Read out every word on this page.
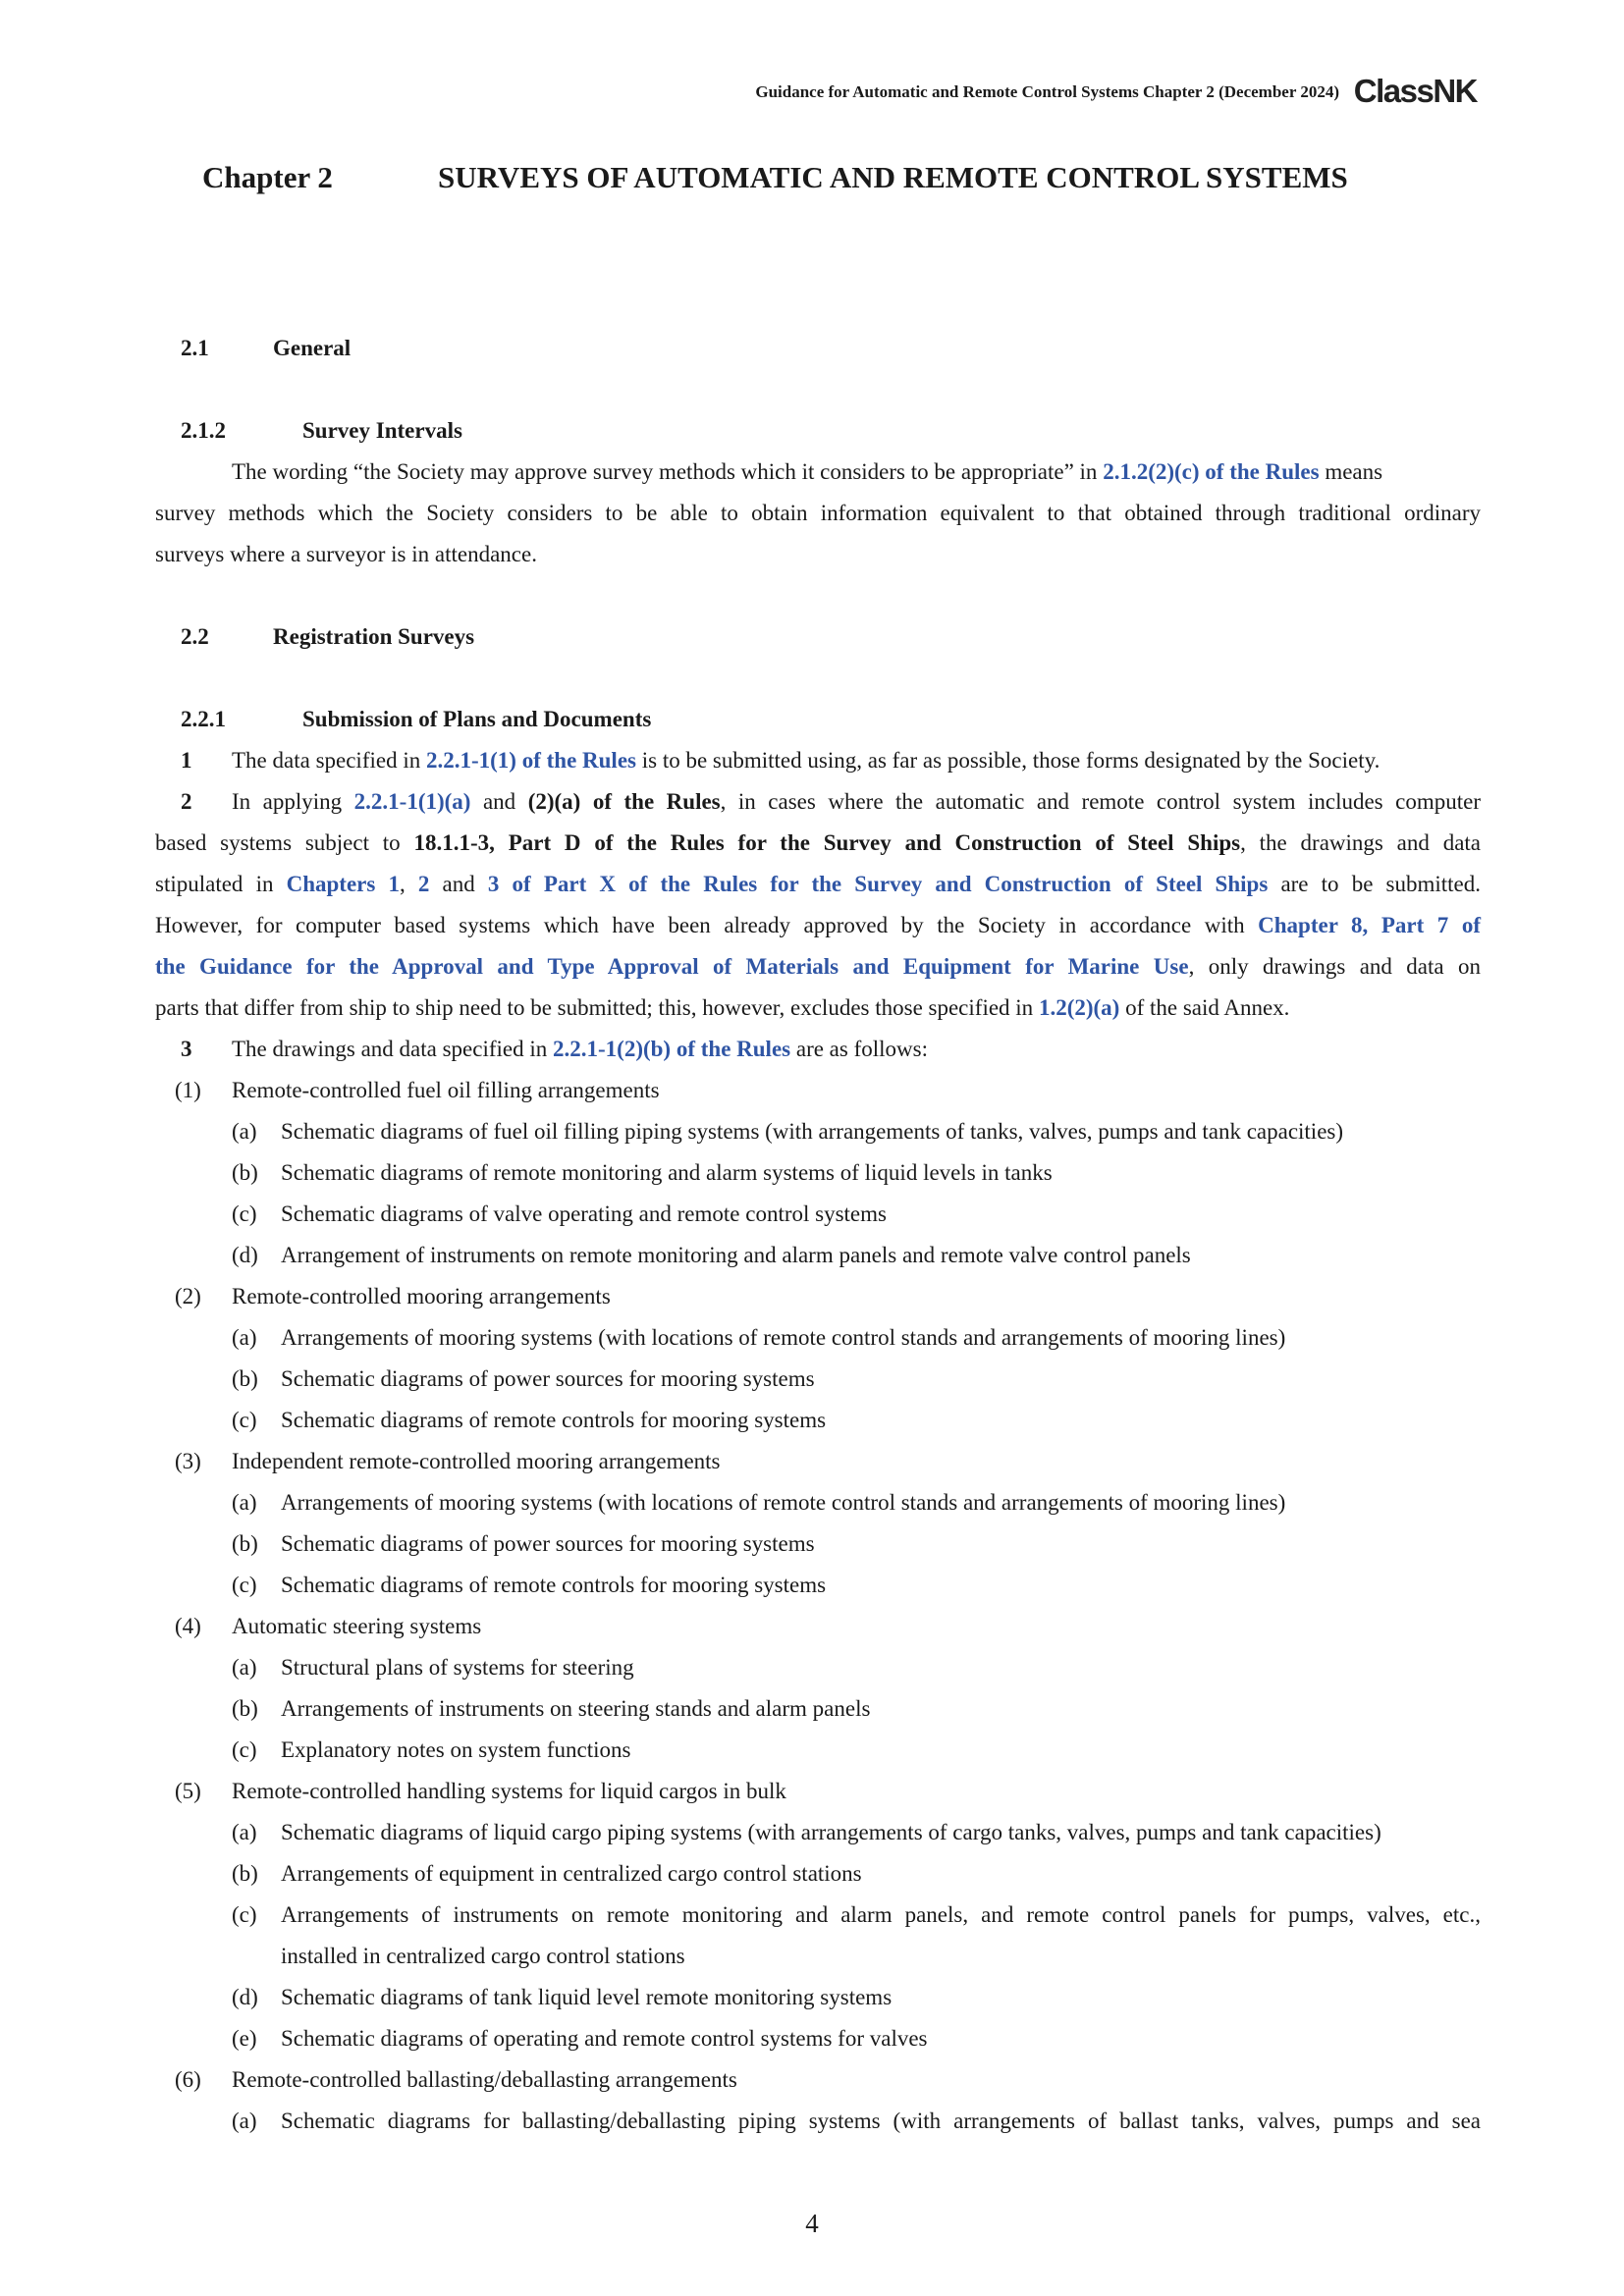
Guidance for Automatic and Remote Control Systems Chapter 2 (December 2024) ClassNK
Chapter 2	SURVEYS OF AUTOMATIC AND REMOTE CONTROL SYSTEMS
2.1	General
2.1.2	Survey Intervals
The wording “the Society may approve survey methods which it considers to be appropriate” in 2.1.2(2)(c) of the Rules means
survey methods which the Society considers to be able to obtain information equivalent to that obtained through traditional ordinary
surveys where a surveyor is in attendance.
2.2	Registration Surveys
2.2.1	Submission of Plans and Documents
1 The data specified in 2.2.1-1(1) of the Rules is to be submitted using, as far as possible, those forms designated by the Society.
2 In applying 2.2.1-1(1)(a) and (2)(a) of the Rules, in cases where the automatic and remote control system includes computer
based systems subject to 18.1.1-3, Part D of the Rules for the Survey and Construction of Steel Ships, the drawings and data
stipulated in Chapters 1, 2 and 3 of Part X of the Rules for the Survey and Construction of Steel Ships are to be submitted.
However, for computer based systems which have been already approved by the Society in accordance with Chapter 8, Part 7 of
the Guidance for the Approval and Type Approval of Materials and Equipment for Marine Use, only drawings and data on
parts that differ from ship to ship need to be submitted; this, however, excludes those specified in 1.2(2)(a) of the said Annex.
3 The drawings and data specified in 2.2.1-1(2)(b) of the Rules are as follows:
(1) Remote-controlled fuel oil filling arrangements
(a) Schematic diagrams of fuel oil filling piping systems (with arrangements of tanks, valves, pumps and tank capacities)
(b) Schematic diagrams of remote monitoring and alarm systems of liquid levels in tanks
(c) Schematic diagrams of valve operating and remote control systems
(d) Arrangement of instruments on remote monitoring and alarm panels and remote valve control panels
(2) Remote-controlled mooring arrangements
(a) Arrangements of mooring systems (with locations of remote control stands and arrangements of mooring lines)
(b) Schematic diagrams of power sources for mooring systems
(c) Schematic diagrams of remote controls for mooring systems
(3) Independent remote-controlled mooring arrangements
(a) Arrangements of mooring systems (with locations of remote control stands and arrangements of mooring lines)
(b) Schematic diagrams of power sources for mooring systems
(c) Schematic diagrams of remote controls for mooring systems
(4) Automatic steering systems
(a) Structural plans of systems for steering
(b) Arrangements of instruments on steering stands and alarm panels
(c) Explanatory notes on system functions
(5) Remote-controlled handling systems for liquid cargos in bulk
(a) Schematic diagrams of liquid cargo piping systems (with arrangements of cargo tanks, valves, pumps and tank capacities)
(b) Arrangements of equipment in centralized cargo control stations
(c) Arrangements of instruments on remote monitoring and alarm panels, and remote control panels for pumps, valves, etc.,
installed in centralized cargo control stations
(d) Schematic diagrams of tank liquid level remote monitoring systems
(e) Schematic diagrams of operating and remote control systems for valves
(6) Remote-controlled ballasting/deballasting arrangements
(a) Schematic diagrams for ballasting/deballasting piping systems (with arrangements of ballast tanks, valves, pumps and sea
4
